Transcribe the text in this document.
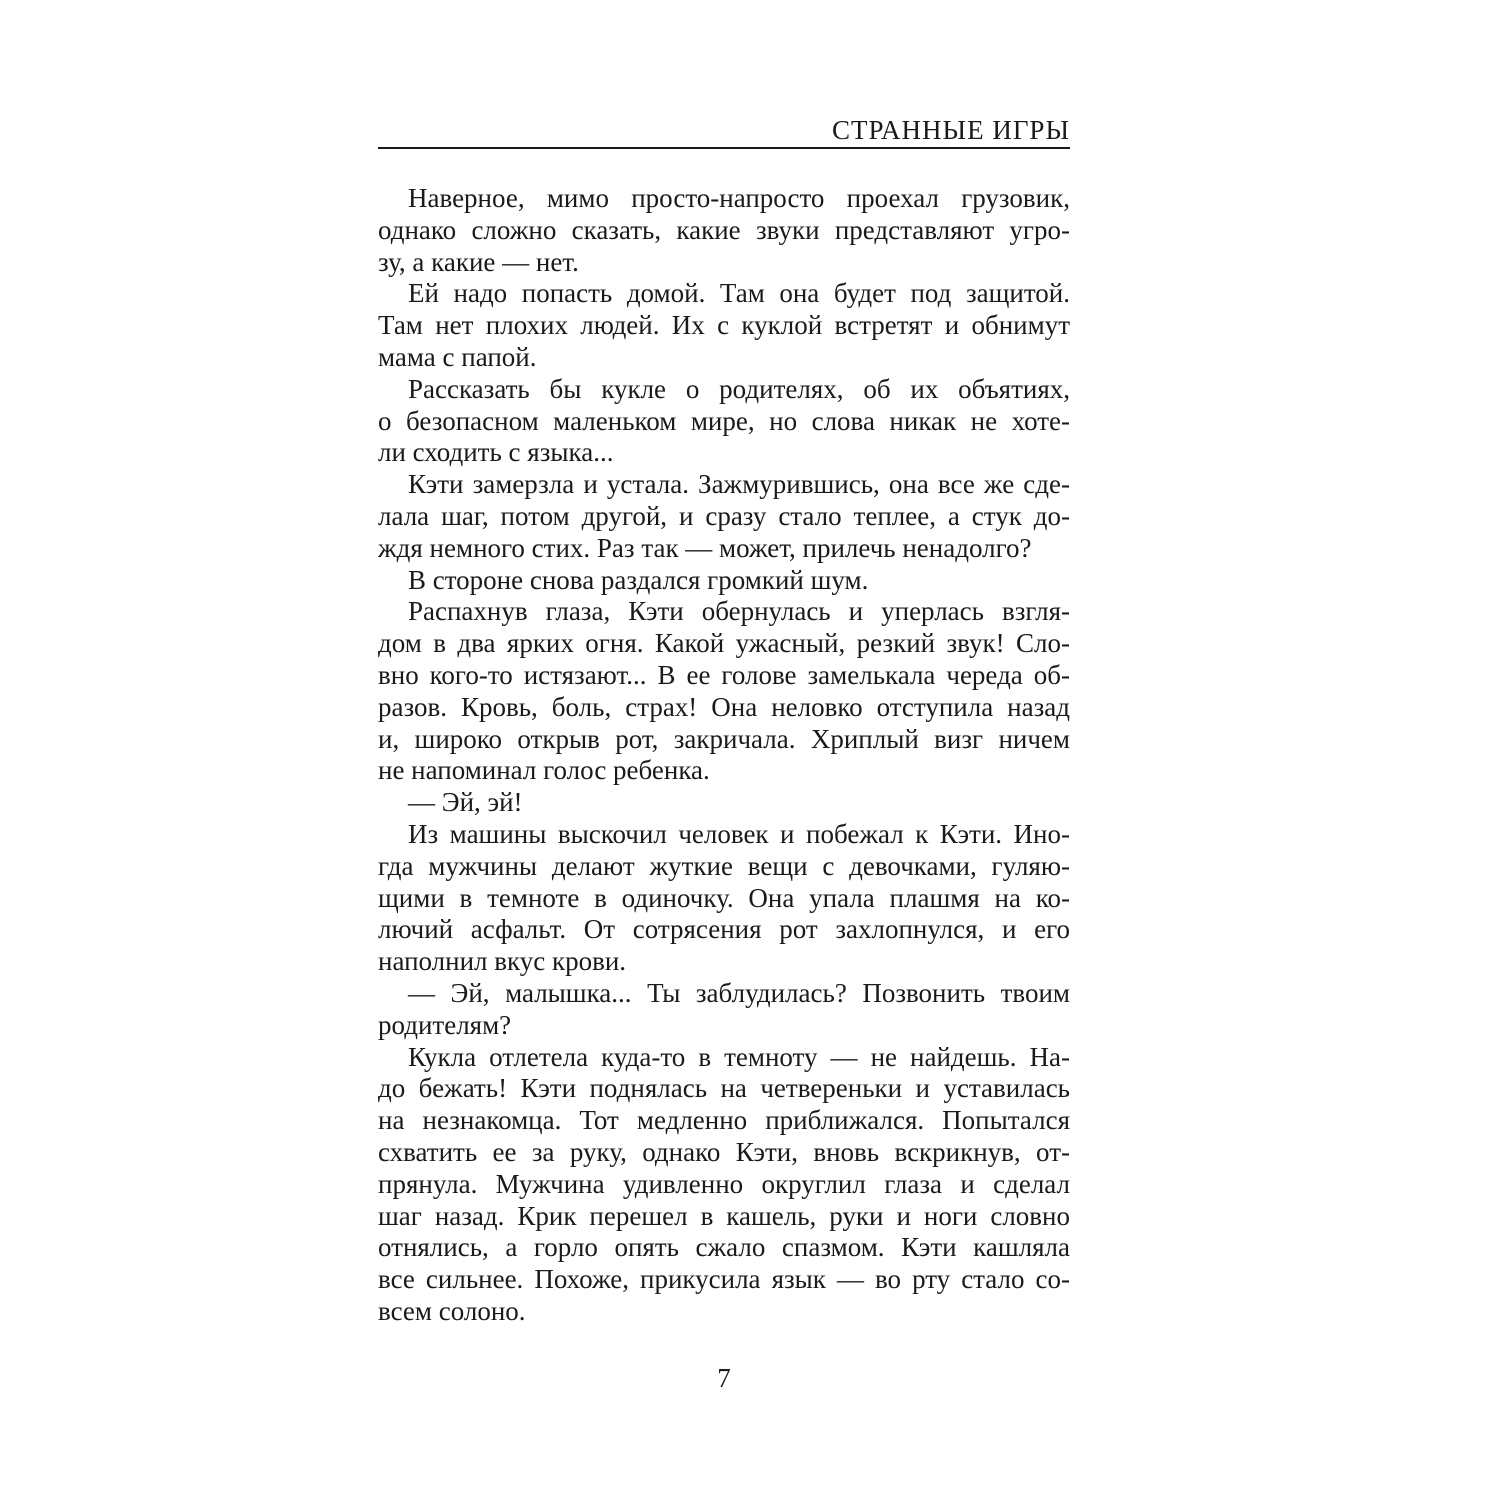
СТРАННЫЕ ИГРЫ
Наверное, мимо просто-напросто проехал грузовик,
однако сложно сказать, какие звуки представляют угро-
зу, а какие — нет.
Ей надо попасть домой. Там она будет под защитой.
Там нет плохих людей. Их с куклой встретят и обнимут
мама с папой.
Рассказать бы кукле о родителях, об их объятиях,
о безопасном маленьком мире, но слова никак не хоте-
ли сходить с языка...
Кэти замерзла и устала. Зажмурившись, она все же сде-
лала шаг, потом другой, и сразу стало теплее, а стук до-
ждя немного стих. Раз так — может, прилечь ненадолго?
В стороне снова раздался громкий шум.
Распахнув глаза, Кэти обернулась и уперлась взгля-
дом в два ярких огня. Какой ужасный, резкий звук! Сло-
вно кого-то истязают... В ее голове замелькала череда об-
разов. Кровь, боль, страх! Она неловко отступила назад
и, широко открыв рот, закричала. Хриплый визг ничем
не напоминал голос ребенка.
— Эй, эй!
Из машины выскочил человек и побежал к Кэти. Ино-
гда мужчины делают жуткие вещи с девочками, гуляю-
щими в темноте в одиночку. Она упала плашмя на ко-
лючий асфальт. От сотрясения рот захлопнулся, и его
наполнил вкус крови.
— Эй, малышка... Ты заблудилась? Позвонить твоим
родителям?
Кукла отлетела куда-то в темноту — не найдешь. На-
до бежать! Кэти поднялась на четвереньки и уставилась
на незнакомца. Тот медленно приближался. Попытался
схватить ее за руку, однако Кэти, вновь вскрикнув, от-
прянула. Мужчина удивленно округлил глаза и сделал
шаг назад. Крик перешел в кашель, руки и ноги словно
отнялись, а горло опять сжало спазмом. Кэти кашляла
все сильнее. Похоже, прикусила язык — во рту стало со-
всем солоно.
7
